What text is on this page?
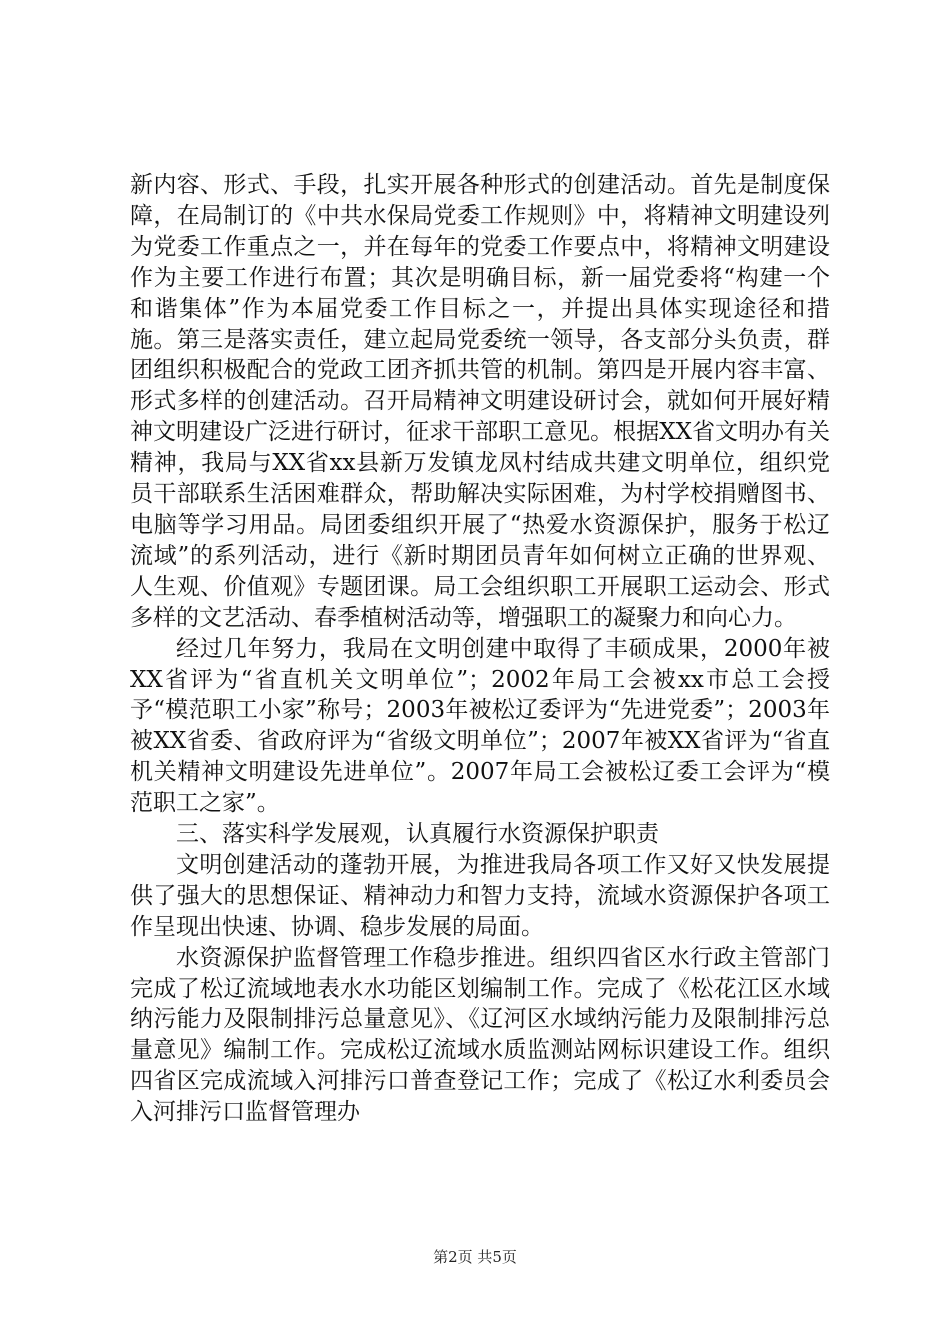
新内容、形式、手段，扎实开展各种形式的创建活动。首先是制度保障，在局制订的《中共水保局党委工作规则》中，将精神文明建设列为党委工作重点之一，并在每年的党委工作要点中，将精神文明建设作为主要工作进行布置；其次是明确目标，新一届党委将“构建一个和谐集体”作为本届党委工作目标之一，并提出具体实现途径和措施。第三是落实责任，建立起局党委统一领导，各支部分头负责，群团组织积极配合的党政工团齐抓共管的机制。第四是开展内容丰富、形式多样的创建活动。召开局精神文明建设研讨会，就如何开展好精神文明建设广泛进行研讨，征求干部职工意见。根据XX省文明办有关精神，我局与XX省xx县新万发镇龙凤村结成共建文明单位，组织党员干部联系生活困难群众，帮助解决实际困难，为村学校捐赠图书、电脑等学习用品。局团委组织开展了“热爱水资源保护，服务于松辽流域”的系列活动，进行《新时期团员青年如何树立正确的世界观、人生观、价值观》专题团课。局工会组织职工开展职工运动会、形式多样的文艺活动、春季植树活动等，增强职工的凝聚力和向心力。

经过几年努力，我局在文明创建中取得了丰硕成果，2000年被XX省评为“省直机关文明单位”；2002年局工会被xx市总工会授予“模范职工小家”称号；2003年被松辽委评为“先进党委”；2003年被XX省委、省政府评为“省级文明单位”；2007年被XX省评为“省直机关精神文明建设先进单位”。2007年局工会被松辽委工会评为“模范职工之家”。

三、落实科学发展观，认真履行水资源保护职责

文明创建活动的蓬勃开展，为推进我局各项工作又好又快发展提供了强大的思想保证、精神动力和智力支持，流域水资源保护各项工作呈现出快速、协调、稳步发展的局面。

水资源保护监督管理工作稳步推进。组织四省区水行政主管部门完成了松辽流域地表水水功能区划编制工作。完成了《松花江区水域纳污能力及限制排污总量意见》、《辽河区水域纳污能力及限制排污总量意见》编制工作。完成松辽流域水质监测站网标识建设工作。组织四省区完成流域入河排污口普查登记工作；完成了《松辽水利委员会入河排污口监督管理办

第2页 共5页
